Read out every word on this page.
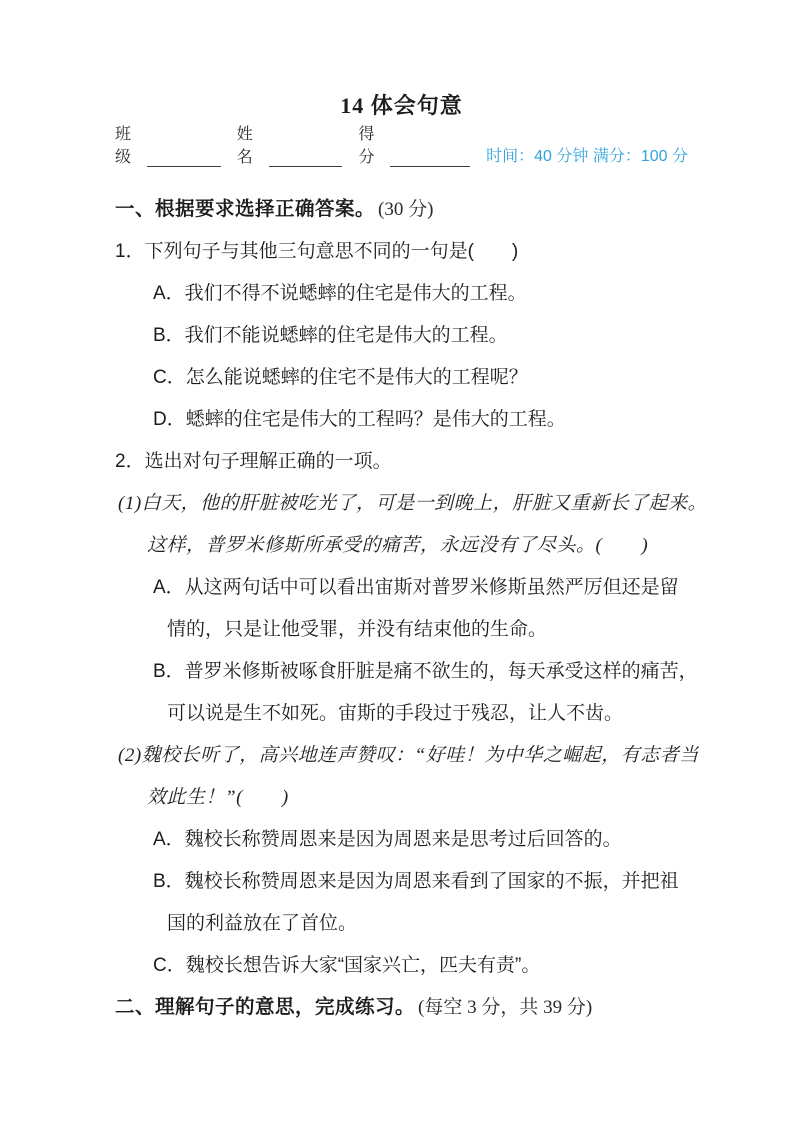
14 体会句意
班级
姓名
得分	时间：40 分钟 满分：100 分
一、根据要求选择正确答案。 (30 分)
1．下列句子与其他三句意思不同的一句是(　　)
A．我们不得不说蟋蟀的住宅是伟大的工程。
B．我们不能说蟋蟀的住宅是伟大的工程。
C．怎么能说蟋蟀的住宅不是伟大的工程呢？
D．蟋蟀的住宅是伟大的工程吗？是伟大的工程。
2．选出对句子理解正确的一项。
(1)白天，他的肝脏被吃光了，可是一到晚上，肝脏又重新长了起来。
这样，普罗米修斯所承受的痛苦，永远没有了尽头。(　　)
A．从这两句话中可以看出宙斯对普罗米修斯虽然严厉但还是留
情的，只是让他受罪，并没有结束他的生命。
B．普罗米修斯被啄食肝脏是痛不欲生的，每天承受这样的痛苦，
可以说是生不如死。宙斯的手段过于残忍，让人不齿。
(2)魏校长听了，高兴地连声赞叹：“好哇！为中华之崛起，有志者当
效此生！”(　　)
A．魏校长称赞周恩来是因为周恩来是思考过后回答的。
B．魏校长称赞周恩来是因为周恩来看到了国家的不振，并把祖
国的利益放在了首位。
C．魏校长想告诉大家“国家兴亡，匹夫有责”。
二、理解句子的意思，完成练习。 (每空 3 分，共 39 分)
